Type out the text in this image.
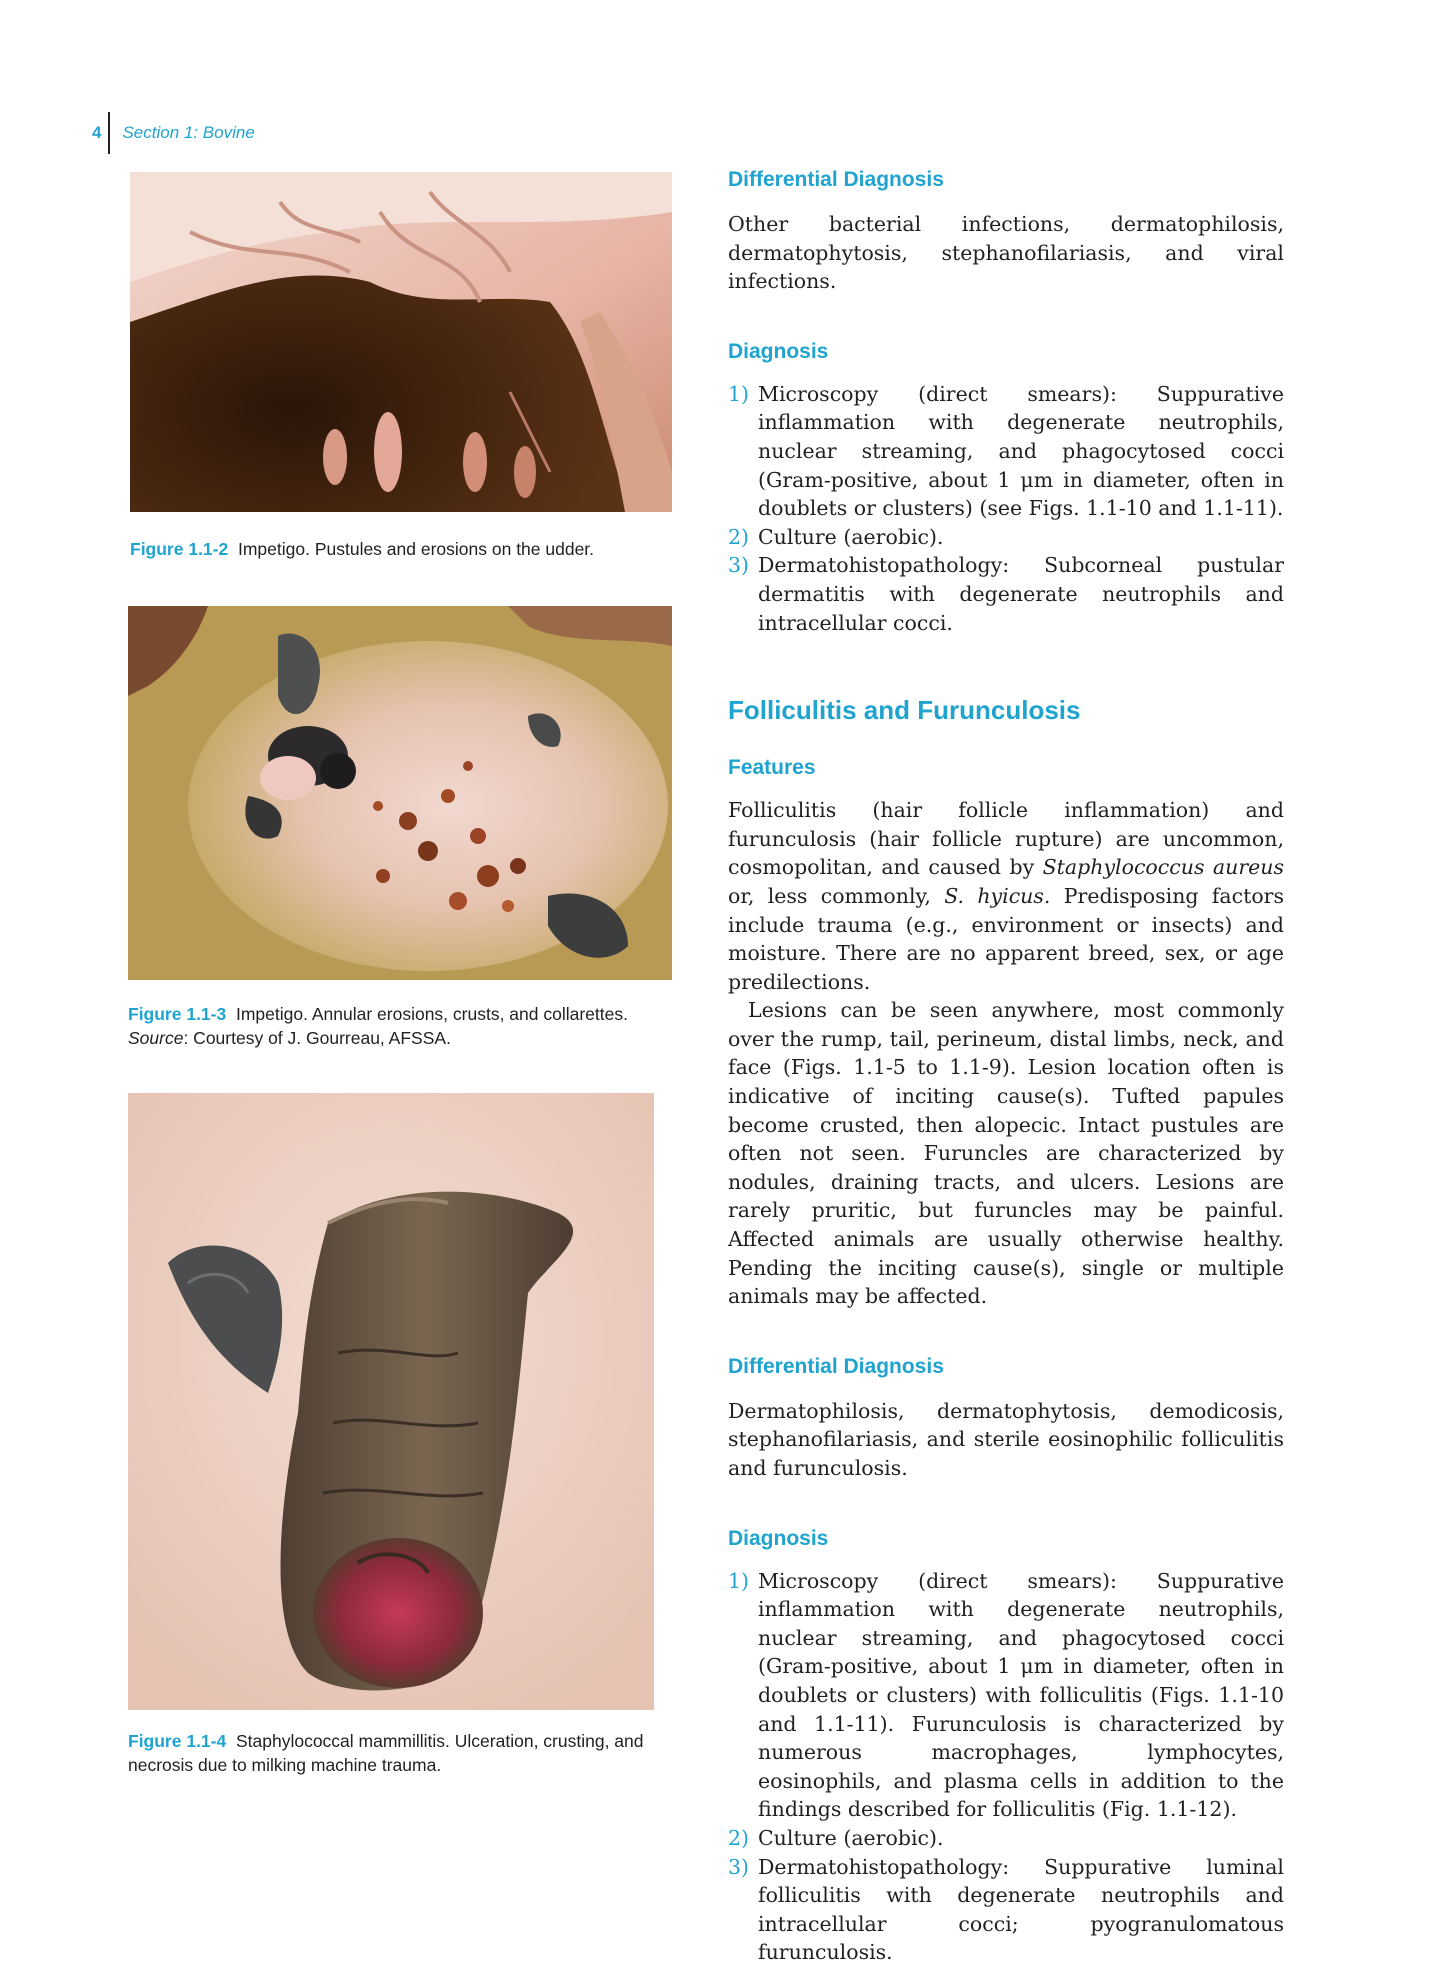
4	Section 1: Bovine
Figure 1.1-2 Impetigo. Pustules and erosions on the udder.
Figure 1.1-3 Impetigo. Annular erosions, crusts, and collarettes.
Source: Courtesy of J. Gourreau, AFSSA.
Figure 1.1-4 Staphylococcal mammillitis. Ulceration, crusting, and necrosis due to milking machine trauma.
Differential Diagnosis

Other bacterial infections, dermatophilosis, dermatophytosis, stephanofilariasis, and viral infections.

Diagnosis
1) Microscopy (direct smears): Suppurative inflammation with degenerate neutrophils, nuclear streaming, and phagocytosed cocci (Gram-positive, about 1 μm in diameter, often in doublets or clusters) (see Figs. 1.1-10 and 1.1-11).
2) Culture (aerobic).
3) Dermatohistopathology: Subcorneal pustular dermatitis with degenerate neutrophils and intracellular cocci.
Folliculitis and Furunculosis
Features

Folliculitis (hair follicle inflammation) and furunculosis (hair follicle rupture) are uncommon, cosmopolitan, and caused by Staphylococcus aureus or, less commonly, S. hyicus. Predisposing factors include trauma (e.g., environment or insects) and moisture. There are no apparent breed, sex, or age predilections.

Lesions can be seen anywhere, most commonly over the rump, tail, perineum, distal limbs, neck, and face (Figs. 1.1-5 to 1.1-9). Lesion location often is indicative of inciting cause(s). Tufted papules become crusted, then alopecic. Intact pustules are often not seen. Furuncles are characterized by nodules, draining tracts, and ulcers. Lesions are rarely pruritic, but furuncles may be painful. Affected animals are usually otherwise healthy. Pending the inciting cause(s), single or multiple animals may be affected.

Differential Diagnosis

Dermatophilosis, dermatophytosis, demodicosis, stephanofilariasis, and sterile eosinophilic folliculitis and furunculosis.

Diagnosis
1) Microscopy (direct smears): Suppurative inflammation with degenerate neutrophils, nuclear streaming, and phagocytosed cocci (Gram-positive, about 1 μm in diameter, often in doublets or clusters) with folliculitis (Figs. 1.1-10 and 1.1-11). Furunculosis is characterized by numerous macrophages, lymphocytes, eosinophils, and plasma cells in addition to the findings described for folliculitis (Fig. 1.1-12).
2) Culture (aerobic).
3) Dermatohistopathology: Suppurative luminal folliculitis with degenerate neutrophils and intracellular cocci; pyogranulomatous furunculosis.
